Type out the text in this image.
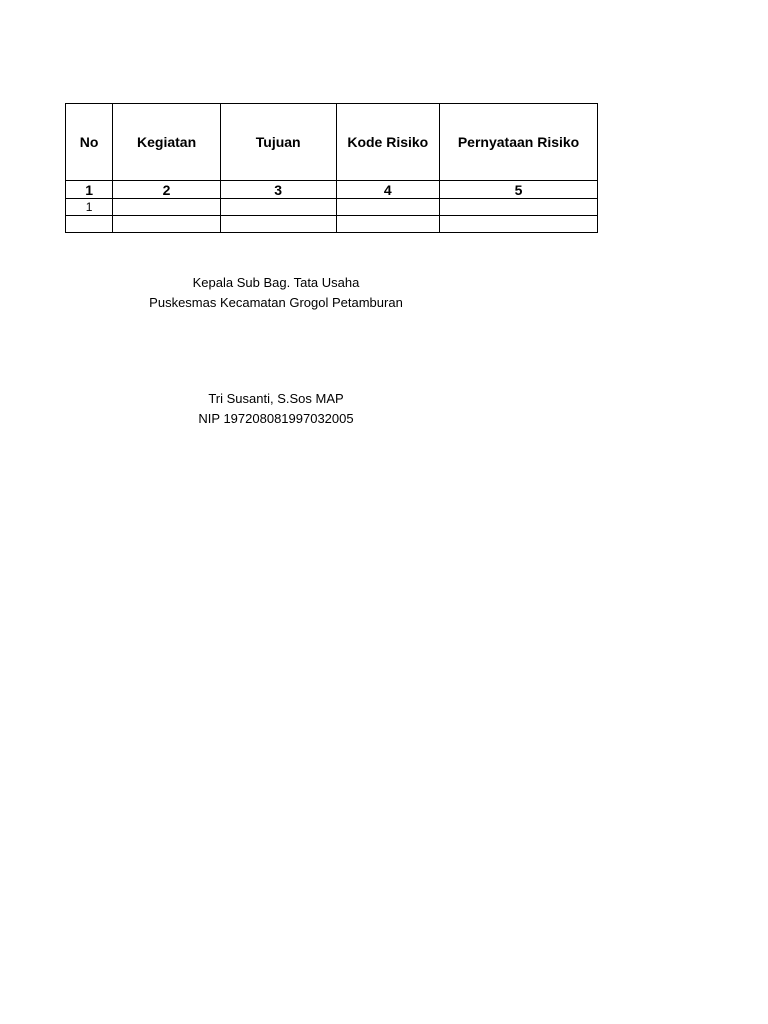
No	Kegiatan	Tujuan	Kode Risiko	Pernyataan Risiko
1	2	3	4	5
1				

Kepala Sub Bag. Tata Usaha
Puskesmas Kecamatan Grogol Petamburan
Tri Susanti, S.Sos MAP
NIP 197208081997032005
